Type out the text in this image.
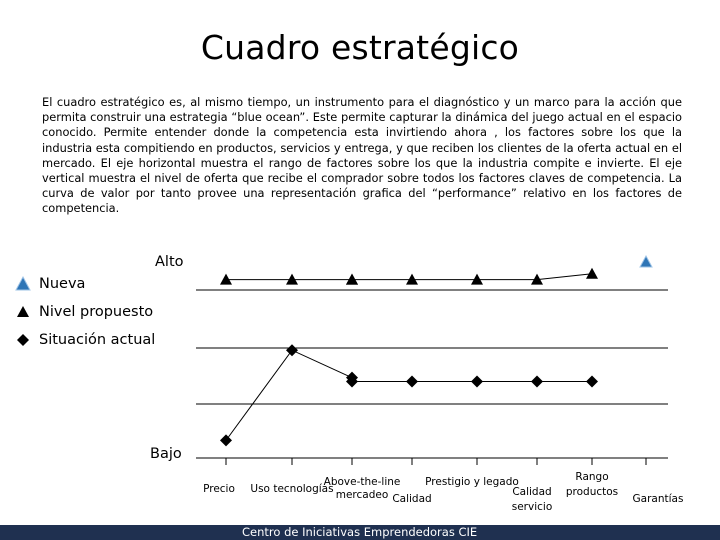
Cuadro estratégico
El cuadro estratégico es, al mismo tiempo, un instrumento para el diagnóstico y un marco para la acción que permita construir una estrategia “blue ocean”. Este permite capturar la dinámica del juego actual en el espacio conocido. Permite entender donde la competencia esta invirtiendo ahora , los factores sobre los que la industria esta compitiendo en productos, servicios y entrega, y que reciben los clientes de la oferta actual en el mercado. El eje horizontal muestra el rango de factores sobre los que la industria compite e invierte. El eje vertical muestra el nivel de oferta que recibe el comprador sobre todos los factores claves de competencia. La curva de valor por tanto provee una representación grafica del “performance” relativo en los factores de competencia.
Nueva
Nivel propuesto
Situación actual
Alto
Bajo
Precio Uso tecnologías
Above-the-line
mercadeo
Prestigio y legado
Calidad
Calidad
servicio
Rango
productos
Garantías
Centro de Iniciativas Emprendedoras CIE
